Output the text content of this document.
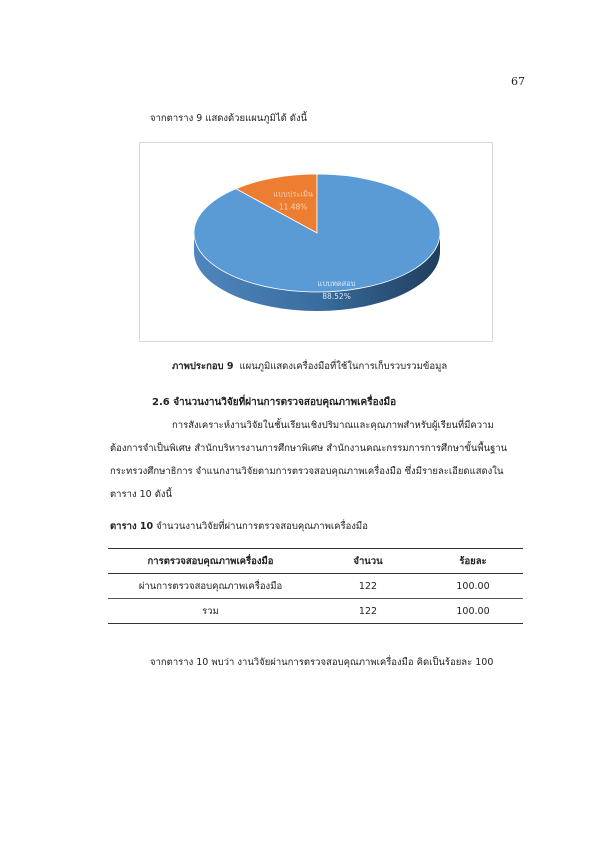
67
จากตาราง 9 แสดงด้วยแผนภูมิได้ ดังนี้
แบบประเมิน
11.48%
แบบทดสอบ
88.52%
ภาพประกอบ 9 แผนภูมิแสดงเครื่องมือที่ใช้ในการเก็บรวบรวมข้อมูล
2.6 จำนวนงานวิจัยที่ผ่านการตรวจสอบคุณภาพเครื่องมือ
การสังเคราะห์งานวิจัยในชั้นเรียนเชิงปริมาณและคุณภาพสำหรับผู้เรียนที่มีความ
ต้องการจำเป็นพิเศษ สำนักบริหารงานการศึกษาพิเศษ สำนักงานคณะกรรมการการศึกษาขั้นพื้นฐาน
กระทรวงศึกษาธิการ จำแนกงานวิจัยตามการตรวจสอบคุณภาพเครื่องมือ ซึ่งมีรายละเอียดแสดงใน
ตาราง 10 ดังนี้
ตาราง 10 จำนวนงานวิจัยที่ผ่านการตรวจสอบคุณภาพเครื่องมือ
การตรวจสอบคุณภาพเครื่องมือ	จำนวน	ร้อยละ
ผ่านการตรวจสอบคุณภาพเครื่องมือ	122	100.00
รวม	122	100.00
จากตาราง 10 พบว่า งานวิจัยผ่านการตรวจสอบคุณภาพเครื่องมือ คิดเป็นร้อยละ 100
